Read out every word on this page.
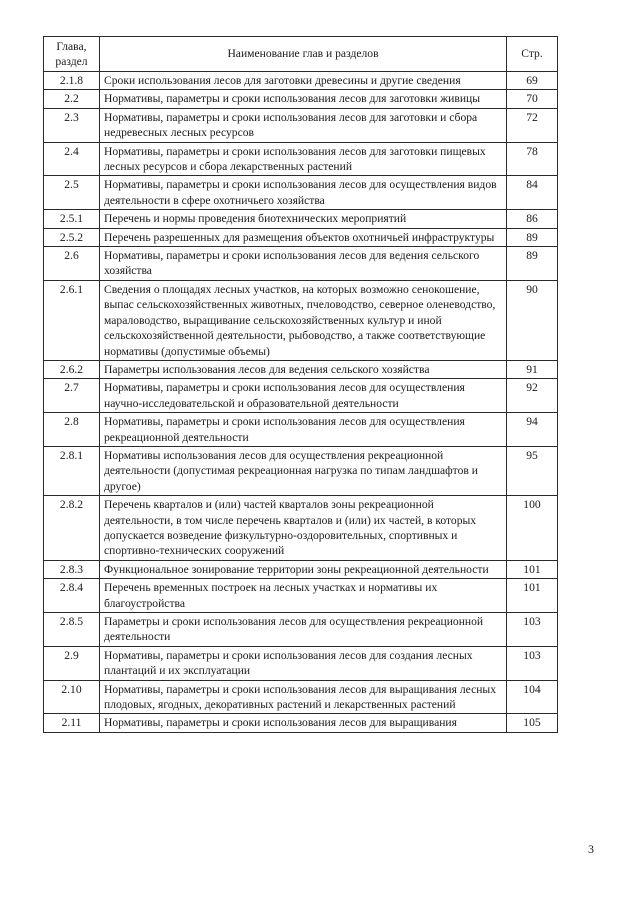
Глава, раздел	Наименование глав и разделов	Стр.
2.1.8	Сроки использования лесов для заготовки древесины и другие сведения	69
2.2	Нормативы, параметры и сроки использования лесов для заготовки живицы	70
2.3	Нормативы, параметры и сроки использования лесов для заготовки и сбора недревесных лесных ресурсов	72
2.4	Нормативы, параметры и сроки использования лесов для заготовки пищевых лесных ресурсов и сбора лекарственных растений	78
2.5	Нормативы, параметры и сроки использования лесов для осуществления видов деятельности в сфере охотничьего хозяйства	84
2.5.1	Перечень и нормы проведения биотехнических мероприятий	86
2.5.2	Перечень разрешенных для размещения объектов охотничьей инфраструктуры	89
2.6	Нормативы, параметры и сроки использования лесов для ведения сельского хозяйства	89
2.6.1	Сведения о площадях лесных участков, на которых возможно сенокошение, выпас сельскохозяйственных животных, пчеловодство, северное оленеводство, мараловодство, выращивание сельскохозяйственных культур и иной сельскохозяйственной деятельности, рыбоводство, а также соответствующие нормативы (допустимые объемы)	90
2.6.2	Параметры использования лесов для ведения сельского хозяйства	91
2.7	Нормативы, параметры и сроки использования лесов для осуществления научно-исследовательской и образовательной деятельности	92
2.8	Нормативы, параметры и сроки использования лесов для осуществления рекреационной деятельности	94
2.8.1	Нормативы использования лесов для осуществления рекреационной деятельности (допустимая рекреационная нагрузка по типам ландшафтов и другое)	95
2.8.2	Перечень кварталов и (или) частей кварталов зоны рекреационной деятельности, в том числе перечень кварталов и (или) их частей, в которых допускается возведение физкультурно-оздоровительных, спортивных и спортивно-технических сооружений	100
2.8.3	Функциональное зонирование территории зоны рекреационной деятельности	101
2.8.4	Перечень временных построек на лесных участках и нормативы их благоустройства	101
2.8.5	Параметры и сроки использования лесов для осуществления рекреационной деятельности	103
2.9	Нормативы, параметры и сроки использования лесов для создания лесных плантаций и их эксплуатации	103
2.10	Нормативы, параметры и сроки использования лесов для выращивания лесных плодовых, ягодных, декоративных растений и лекарственных растений	104
2.11	Нормативы, параметры и сроки использования лесов для выращивания	105
3
